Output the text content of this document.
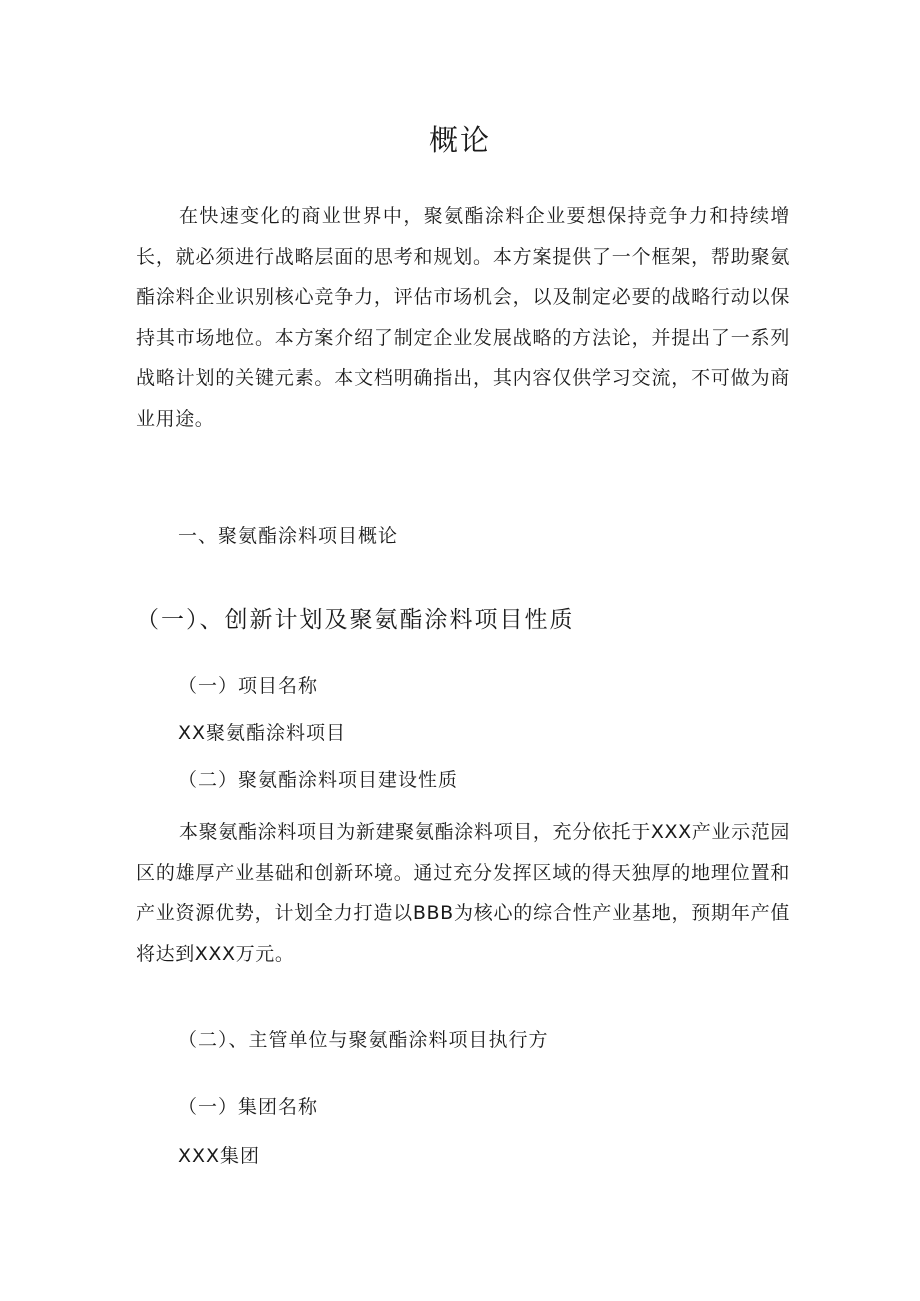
概论

在快速变化的商业世界中，聚氨酯涂料企业要想保持竞争力和持续增长，就必须进行战略层面的思考和规划。本方案提供了一个框架，帮助聚氨酯涂料企业识别核心竞争力，评估市场机会，以及制定必要的战略行动以保持其市场地位。本方案介绍了制定企业发展战略的方法论，并提出了一系列战略计划的关键元素。本文档明确指出，其内容仅供学习交流，不可做为商业用途。

一、聚氨酯涂料项目概论
（一）、创新计划及聚氨酯涂料项目性质
（一）项目名称
XX聚氨酯涂料项目
（二）聚氨酯涂料项目建设性质

本聚氨酯涂料项目为新建聚氨酯涂料项目，充分依托于XXX产业示范园区的雄厚产业基础和创新环境。通过充分发挥区域的得天独厚的地理位置和产业资源优势，计划全力打造以BBB为核心的综合性产业基地，预期年产值将达到XXX万元。

（二）、主管单位与聚氨酯涂料项目执行方
（一）集团名称
XXX集团
